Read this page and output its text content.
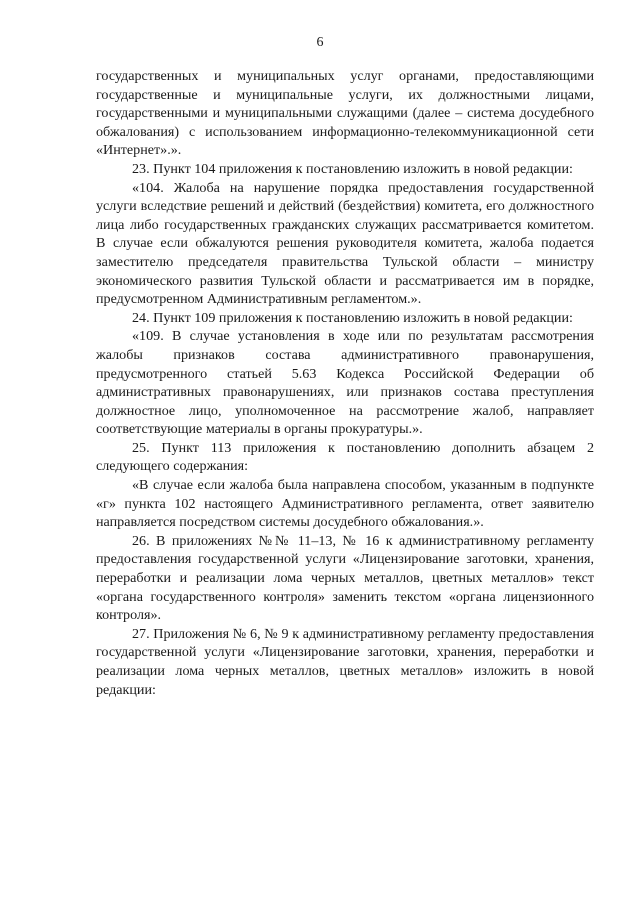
6

государственных и муниципальных услуг органами, предоставляющими государственные и муниципальные услуги, их должностными лицами, государственными и муниципальными служащими (далее – система досудебного обжалования) с использованием информационно-телекоммуникационной сети «Интернет».».

23. Пункт 104 приложения к постановлению изложить в новой редакции:

«104. Жалоба на нарушение порядка предоставления государственной услуги вследствие решений и действий (бездействия) комитета, его должностного лица либо государственных гражданских служащих рассматривается комитетом. В случае если обжалуются решения руководителя комитета, жалоба подается заместителю председателя правительства Тульской области – министру экономического развития Тульской области и рассматривается им в порядке, предусмотренном Административным регламентом.».

24. Пункт 109 приложения к постановлению изложить в новой редакции:

«109. В случае установления в ходе или по результатам рассмотрения жалобы признаков состава административного правонарушения, предусмотренного статьей 5.63 Кодекса Российской Федерации об административных правонарушениях, или признаков состава преступления должностное лицо, уполномоченное на рассмотрение жалоб, направляет соответствующие материалы в органы прокуратуры.».

25. Пункт 113 приложения к постановлению дополнить абзацем 2 следующего содержания:

«В случае если жалоба была направлена способом, указанным в подпункте «г» пункта 102 настоящего Административного регламента, ответ заявителю направляется посредством системы досудебного обжалования.».

26. В приложениях №№ 11–13, № 16 к административному регламенту предоставления государственной услуги «Лицензирование заготовки, хранения, переработки и реализации лома черных металлов, цветных металлов» текст «органа государственного контроля» заменить текстом «органа лицензионного контроля».

27. Приложения № 6, № 9 к административному регламенту предоставления государственной услуги «Лицензирование заготовки, хранения, переработки и реализации лома черных металлов, цветных металлов» изложить в новой редакции:
